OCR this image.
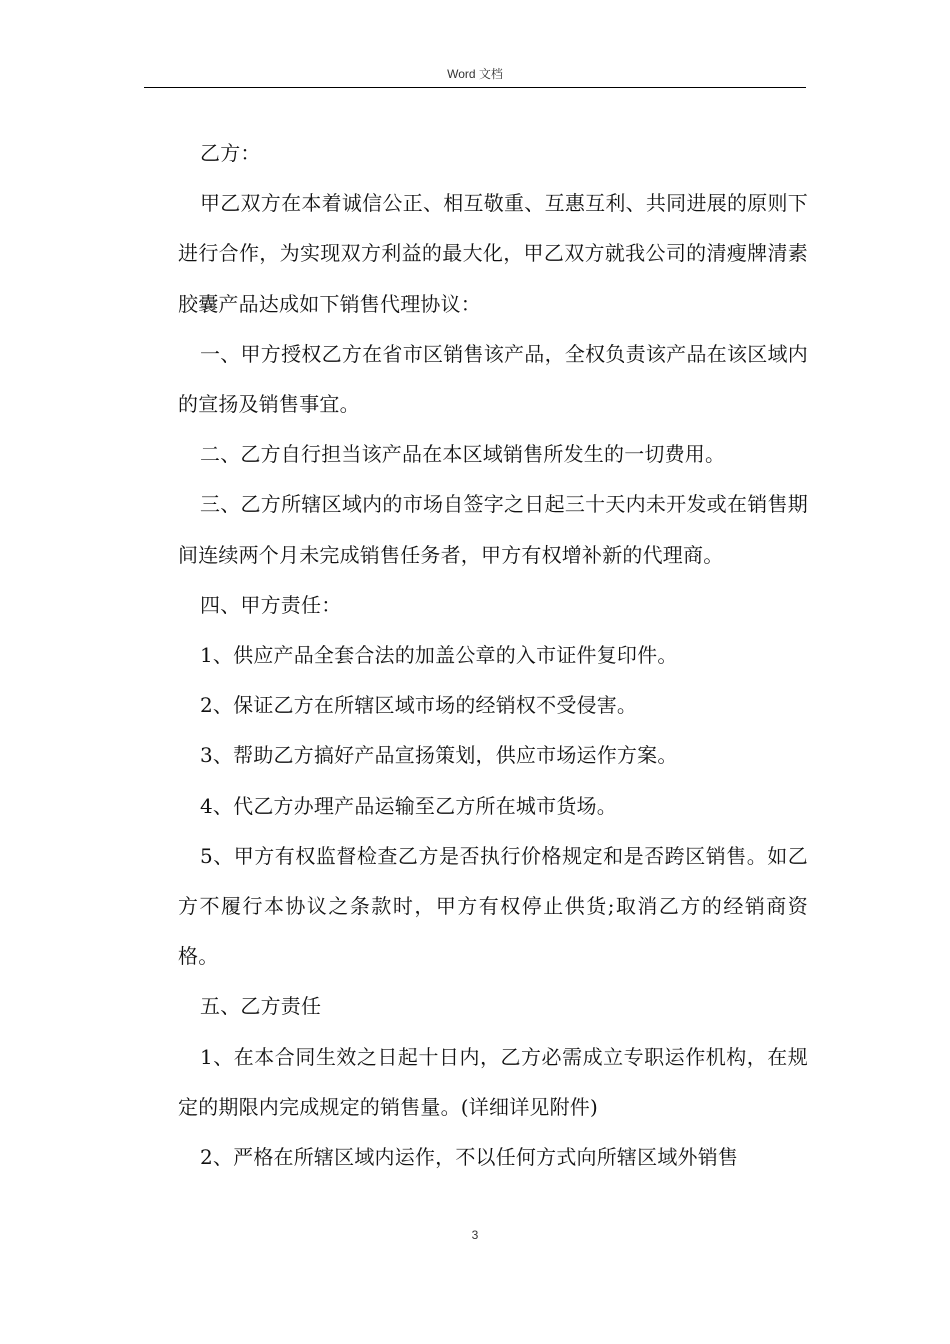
Word 文档

乙方：

甲乙双方在本着诚信公正、相互敬重、互惠互利、共同进展的原则下进行合作，为实现双方利益的最大化，甲乙双方就我公司的清瘦牌清素胶囊产品达成如下销售代理协议：

一、甲方授权乙方在省市区销售该产品，全权负责该产品在该区域内的宣扬及销售事宜。

二、乙方自行担当该产品在本区域销售所发生的一切费用。

三、乙方所辖区域内的市场自签字之日起三十天内未开发或在销售期间连续两个月未完成销售任务者，甲方有权增补新的代理商。

四、甲方责任：

1、供应产品全套合法的加盖公章的入市证件复印件。

2、保证乙方在所辖区域市场的经销权不受侵害。

3、帮助乙方搞好产品宣扬策划，供应市场运作方案。

4、代乙方办理产品运输至乙方所在城市货场。

5、甲方有权监督检查乙方是否执行价格规定和是否跨区销售。如乙方不履行本协议之条款时，甲方有权停止供货;取消乙方的经销商资格。

五、乙方责任

1、在本合同生效之日起十日内，乙方必需成立专职运作机构，在规定的期限内完成规定的销售量。(详细详见附件)

2、严格在所辖区域内运作，不以任何方式向所辖区域外销售

3
